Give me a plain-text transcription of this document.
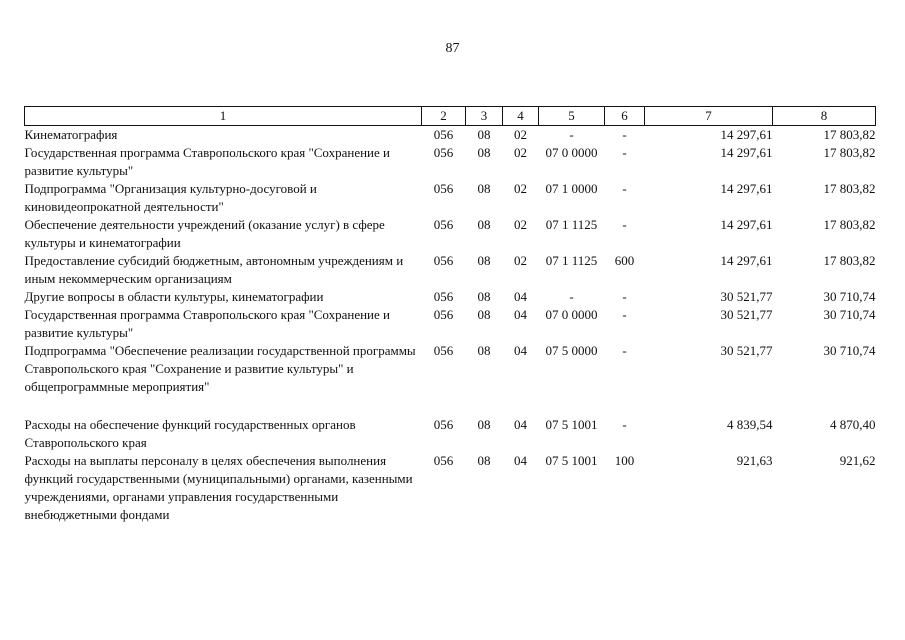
87
1	2	3	4	5	6	7	8
Кинематография	056	08	02	-	-	14 297,61	17 803,82
Государственная программа Ставропольского края "Сохранение и развитие культуры"	056	08	02	07 0 0000	-	14 297,61	17 803,82
Подпрограмма "Организация культурно-досуговой и киновидеопрокатной деятельности"	056	08	02	07 1 0000	-	14 297,61	17 803,82
Обеспечение деятельности учреждений (оказание услуг) в сфере культуры и кинематографии	056	08	02	07 1 1125	-	14 297,61	17 803,82
Предоставление субсидий бюджетным, автономным учреждениям и иным некоммерческим организациям	056	08	02	07 1 1125	600	14 297,61	17 803,82
Другие вопросы в области культуры, кинематографии	056	08	04	-	-	30 521,77	30 710,74
Государственная программа Ставропольского края "Сохранение и развитие культуры"	056	08	04	07 0 0000	-	30 521,77	30 710,74
Подпрограмма "Обеспечение реализации государственной программы Ставропольского края "Сохранение и развитие культуры" и общепрограммные мероприятия"	056	08	04	07 5 0000	-	30 521,77	30 710,74
Расходы на обеспечение функций государственных органов Ставропольского края	056	08	04	07 5 1001	-	4 839,54	4 870,40
Расходы на выплаты персоналу в целях обеспечения выполнения функций государственными (муниципальными) органами, казенными учреждениями, органами управления государственными внебюджетными фондами	056	08	04	07 5 1001	100	921,63	921,62
